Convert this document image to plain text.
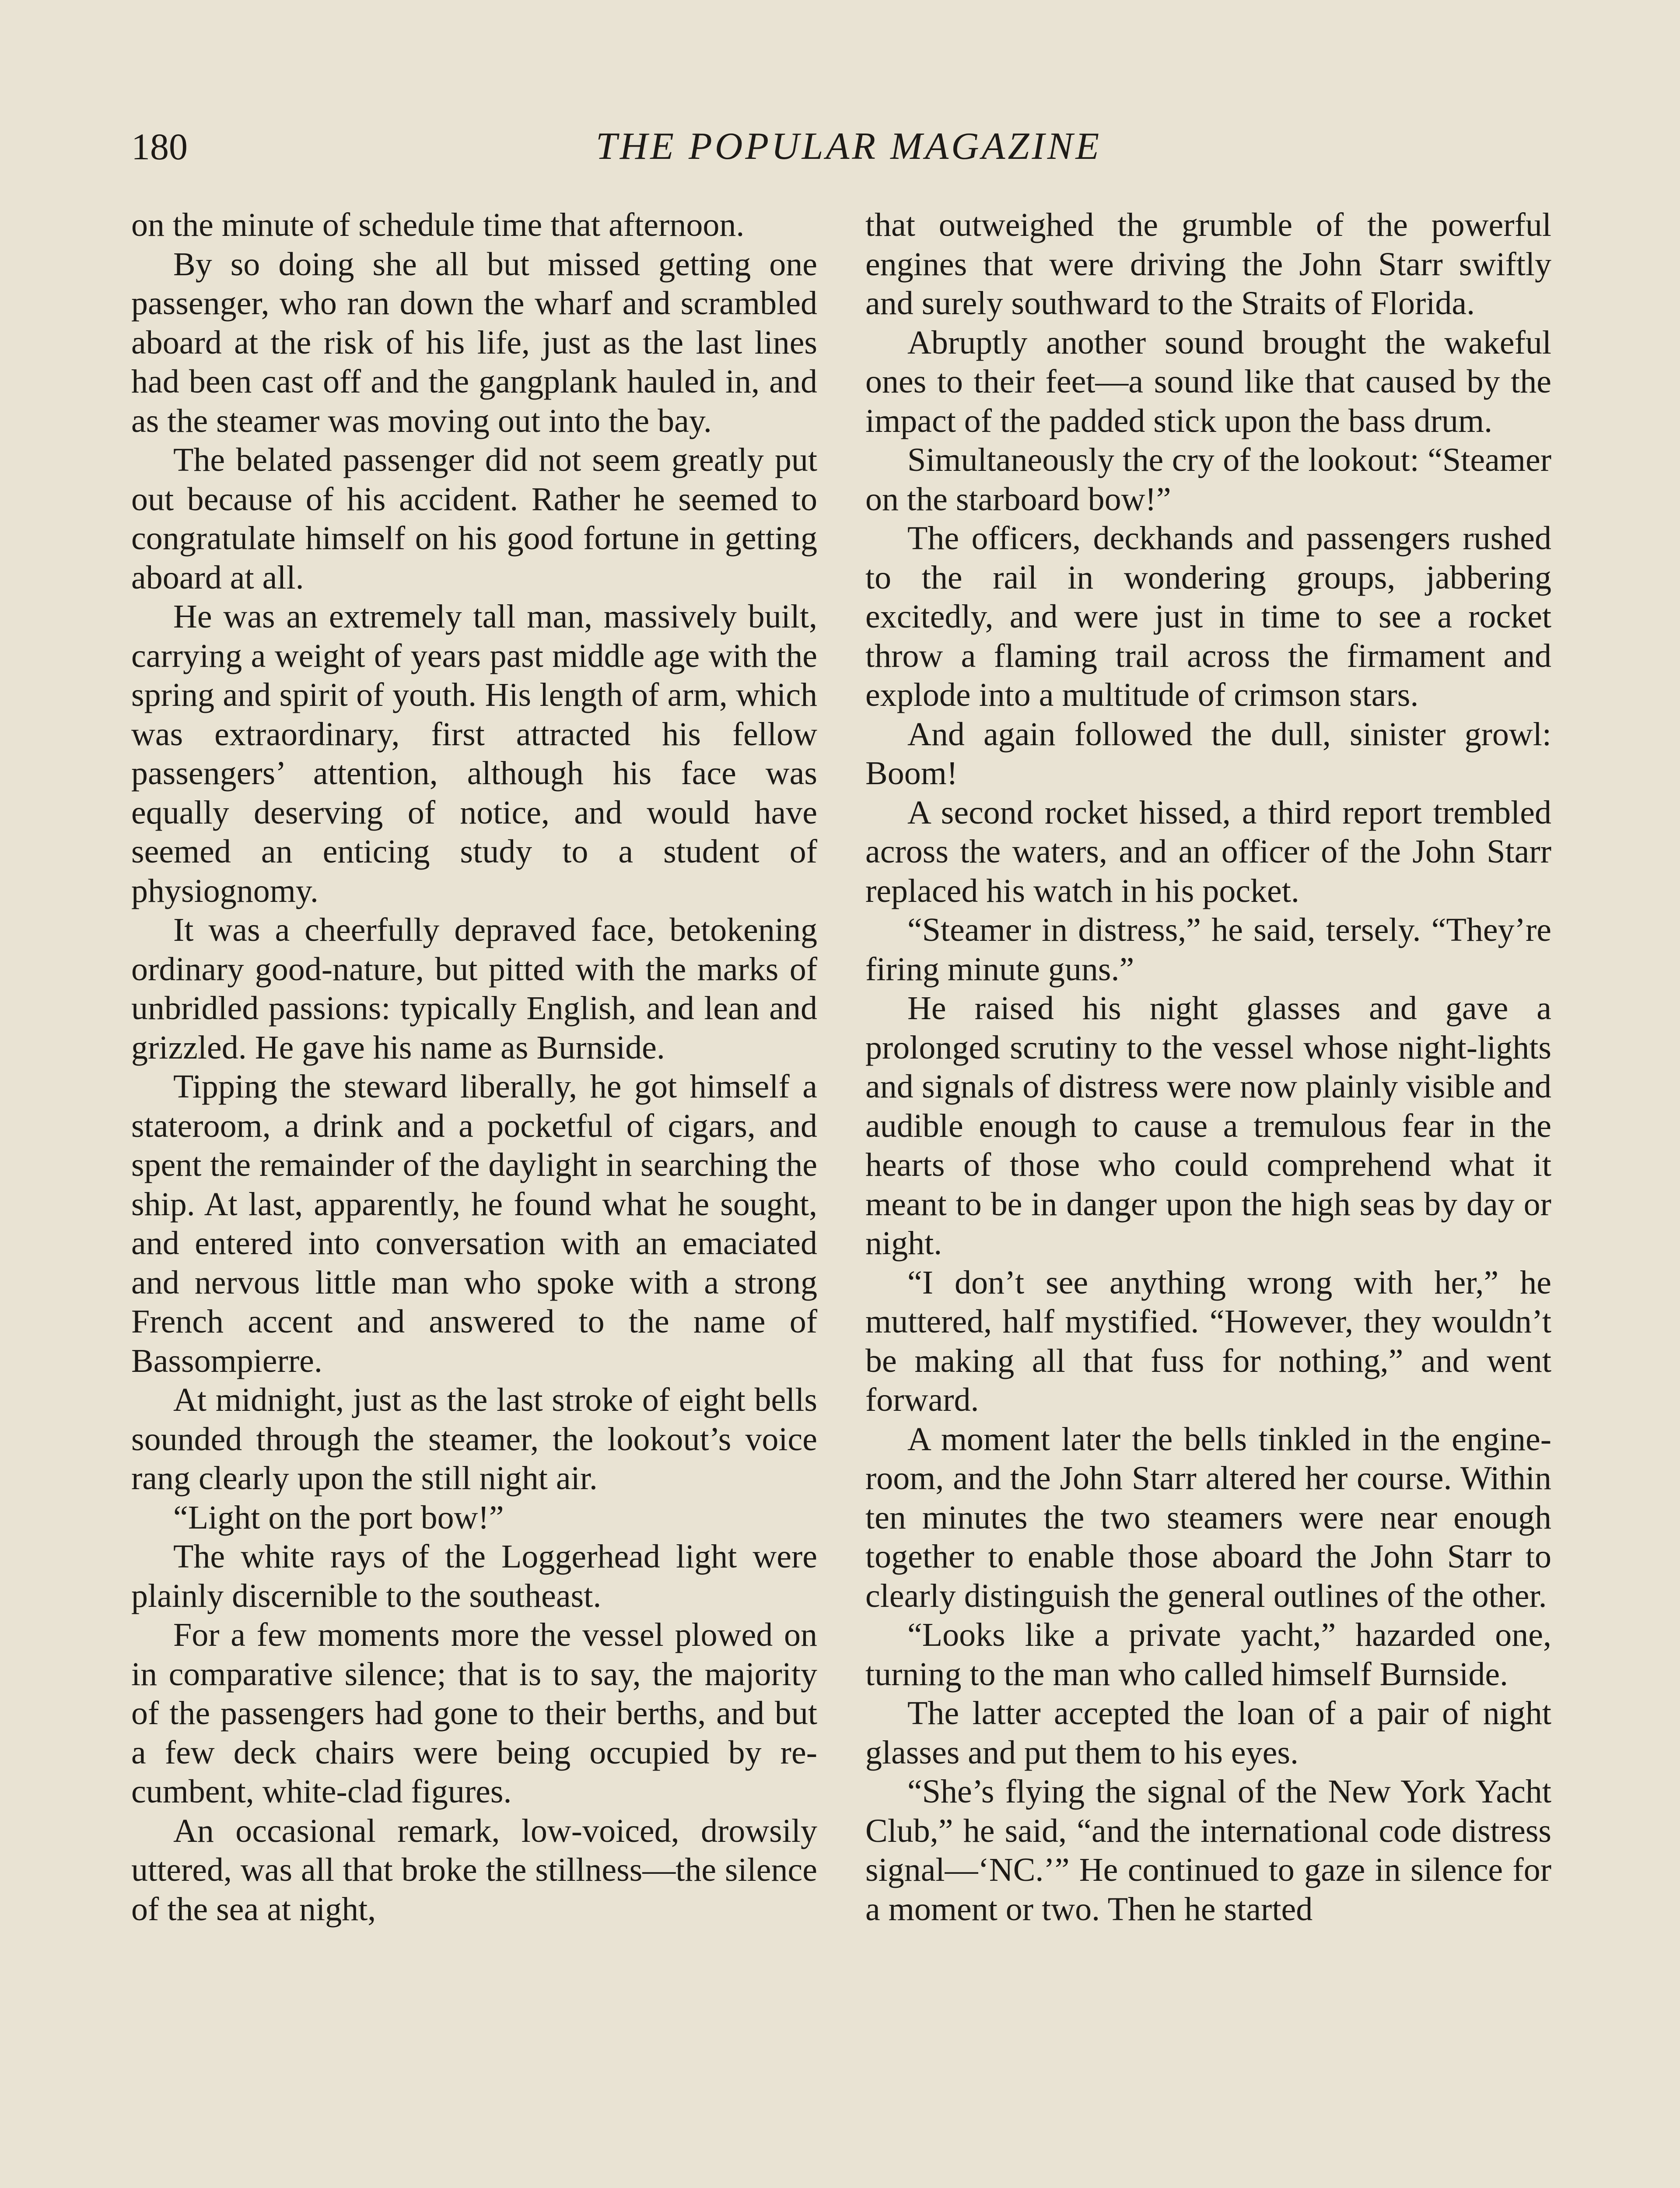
180	THE POPULAR MAGAZINE

on the minute of schedule time that afternoon.

By so doing she all but missed getting one passenger, who ran down the wharf and scrambled aboard at the risk of his life, just as the last lines had been cast off and the gangplank hauled in, and as the steamer was moving out into the bay.

The belated passenger did not seem greatly put out because of his accident. Rather he seemed to congratulate himself on his good fortune in getting aboard at all.

He was an extremely tall man, massively built, carrying a weight of years past middle age with the spring and spirit of youth. His length of arm, which was extraordinary, first attracted his fellow passengers’ attention, although his face was equally deserving of notice, and would have seemed an enticing study to a student of physiognomy.

It was a cheerfully depraved face, betokening ordinary good-nature, but pitted with the marks of unbridled passions: typically English, and lean and grizzled. He gave his name as Burnside.

Tipping the steward liberally, he got himself a stateroom, a drink and a pocketful of cigars, and spent the remainder of the daylight in searching the ship. At last, apparently, he found what he sought, and entered into conversation with an emaciated and nervous little man who spoke with a strong French accent and answered to the name of Bassompierre.

At midnight, just as the last stroke of eight bells sounded through the steamer, the lookout’s voice rang clearly upon the still night air.

“Light on the port bow!”

The white rays of the Loggerhead light were plainly discernible to the southeast.

For a few moments more the vessel plowed on in comparative silence; that is to say, the majority of the passengers had gone to their berths, and but a few deck chairs were being occupied by recumbent, white-clad figures.

An occasional remark, low-voiced, drowsily uttered, was all that broke the stillness—the silence of the sea at night,

that outweighed the grumble of the powerful engines that were driving the John Starr swiftly and surely southward to the Straits of Florida.

Abruptly another sound brought the wakeful ones to their feet—a sound like that caused by the impact of the padded stick upon the bass drum.

Simultaneously the cry of the lookout: “Steamer on the starboard bow!”

The officers, deckhands and passengers rushed to the rail in wondering groups, jabbering excitedly, and were just in time to see a rocket throw a flaming trail across the firmament and explode into a multitude of crimson stars.

And again followed the dull, sinister growl: Boom!

A second rocket hissed, a third report trembled across the waters, and an officer of the John Starr replaced his watch in his pocket.

“Steamer in distress,” he said, tersely. “They’re firing minute guns.”

He raised his night glasses and gave a prolonged scrutiny to the vessel whose night-lights and signals of distress were now plainly visible and audible enough to cause a tremulous fear in the hearts of those who could comprehend what it meant to be in danger upon the high seas by day or night.

“I don’t see anything wrong with her,” he muttered, half mystified. “However, they wouldn’t be making all that fuss for nothing,” and went forward.

A moment later the bells tinkled in the engine-room, and the John Starr altered her course. Within ten minutes the two steamers were near enough together to enable those aboard the John Starr to clearly distinguish the general outlines of the other.

“Looks like a private yacht,” hazarded one, turning to the man who called himself Burnside.

The latter accepted the loan of a pair of night glasses and put them to his eyes.

“She’s flying the signal of the New York Yacht Club,” he said, “and the international code distress signal—‘NC.’” He continued to gaze in silence for a moment or two. Then he started
